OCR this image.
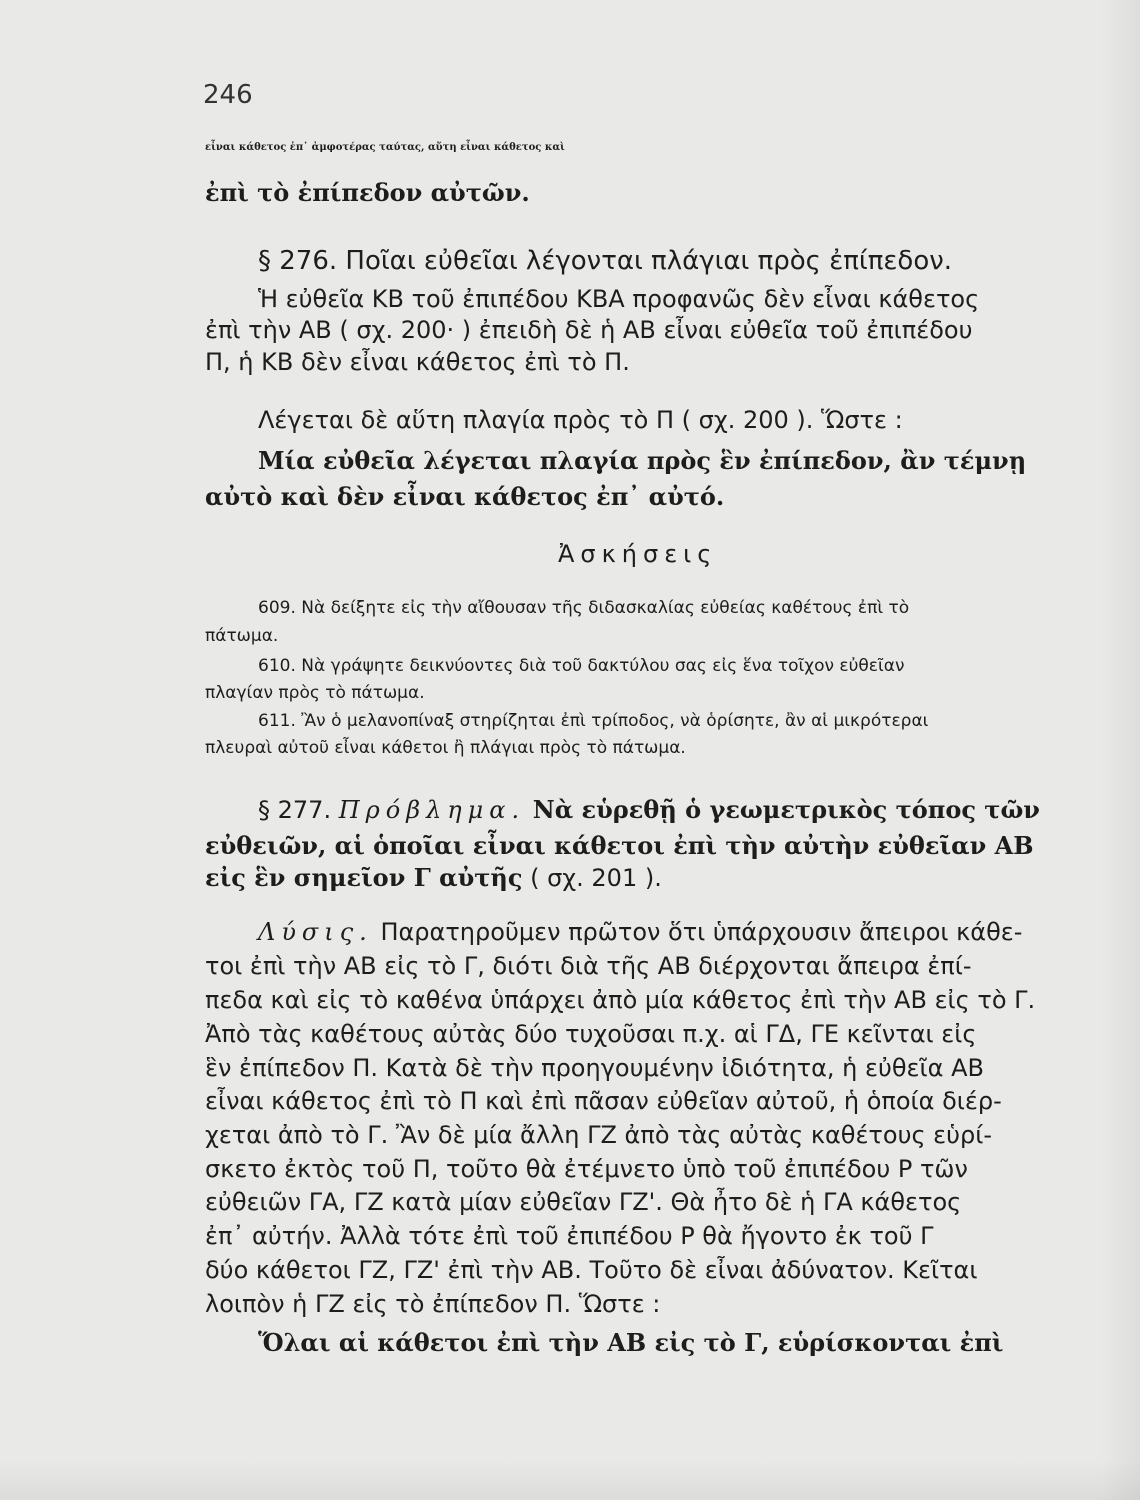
246
εἶναι κάθετος ἐπ᾽ ἀμφοτέρας ταύτας, αὕτη εἶναι κάθετος καὶ
ἐπὶ τὸ ἐπίπεδον αὐτῶν.
§ 276. Ποῖαι εὐθεῖαι λέγονται πλάγιαι πρὸς ἐπίπεδον.
Ἡ εὐθεῖα ΚΒ τοῦ ἐπιπέδου ΚΒΑ προφανῶς δὲν εἶναι κάθετος
ἐπὶ τὴν ΑΒ ( σχ. 200· ) ἐπειδὴ δὲ ἡ ΑΒ εἶναι εὐθεῖα τοῦ ἐπιπέδου
Π, ἡ ΚΒ δὲν εἶναι κάθετος ἐπὶ τὸ Π.
Λέγεται δὲ αὕτη πλαγία πρὸς τὸ Π ( σχ. 200 ). Ὥστε :
Μία εὐθεῖα λέγεται πλαγία πρὸς ἓν ἐπίπεδον, ἂν τέμνῃ
αὐτὸ καὶ δὲν εἶναι κάθετος ἐπ᾽ αὐτό.
Ἀσκήσεις
609. Νὰ δείξητε εἰς τὴν αἴθουσαν τῆς διδασκαλίας εὐθείας καθέτους ἐπὶ τὸ
πάτωμα.
610. Νὰ γράψητε δεικνύοντες διὰ τοῦ δακτύλου σας εἰς ἕνα τοῖχον εὐθεῖαν
πλαγίαν πρὸς τὸ πάτωμα.
611. Ἂν ὁ μελανοπίναξ στηρίζηται ἐπὶ τρίποδος, νὰ ὁρίσητε, ἂν αἱ μικρότεραι
πλευραὶ αὐτοῦ εἶναι κάθετοι ἢ πλάγιαι πρὸς τὸ πάτωμα.
§ 277. Πρόβλημα. Νὰ εὑρεθῇ ὁ γεωμετρικὸς τόπος τῶν
εὐθειῶν, αἱ ὁποῖαι εἶναι κάθετοι ἐπὶ τὴν αὐτὴν εὐθεῖαν ΑΒ
εἰς ἓν σημεῖον Γ αὐτῆς ( σχ. 201 ).
Λύσις. Παρατηροῦμεν πρῶτον ὅτι ὑπάρχουσιν ἄπειροι κάθε-
τοι ἐπὶ τὴν ΑΒ εἰς τὸ Γ, διότι διὰ τῆς ΑΒ διέρχονται ἄπειρα ἐπί-
πεδα καὶ εἰς τὸ καθένα ὑπάρχει ἀπὸ μία κάθετος ἐπὶ τὴν ΑΒ εἰς τὸ Γ.
Ἀπὸ τὰς καθέτους αὐτὰς δύο τυχοῦσαι π.χ. αἱ ΓΔ, ΓΕ κεῖνται εἰς
ἓν ἐπίπεδον Π. Κατὰ δὲ τὴν προηγουμένην ἰδιότητα, ἡ εὐθεῖα ΑΒ
εἶναι κάθετος ἐπὶ τὸ Π καὶ ἐπὶ πᾶσαν εὐθεῖαν αὐτοῦ, ἡ ὁποία διέρ-
χεται ἀπὸ τὸ Γ. Ἂν δὲ μία ἄλλη ΓΖ ἀπὸ τὰς αὐτὰς καθέτους εὑρί-
σκετο ἐκτὸς τοῦ Π, τοῦτο θὰ ἐτέμνετο ὑπὸ τοῦ ἐπιπέδου Ρ τῶν
εὐθειῶν ΓΑ, ΓΖ κατὰ μίαν εὐθεῖαν ΓΖ'. Θὰ ἦτο δὲ ἡ ΓΑ κάθετος
ἐπ᾽ αὐτήν. Ἀλλὰ τότε ἐπὶ τοῦ ἐπιπέδου Ρ θὰ ἤγοντο ἐκ τοῦ Γ
δύο κάθετοι ΓΖ, ΓΖ' ἐπὶ τὴν ΑΒ. Τοῦτο δὲ εἶναι ἀδύνατον. Κεῖται
λοιπὸν ἡ ΓΖ εἰς τὸ ἐπίπεδον Π. Ὥστε :
Ὅλαι αἱ κάθετοι ἐπὶ τὴν ΑΒ εἰς τὸ Γ, εὑρίσκονται ἐπὶ
